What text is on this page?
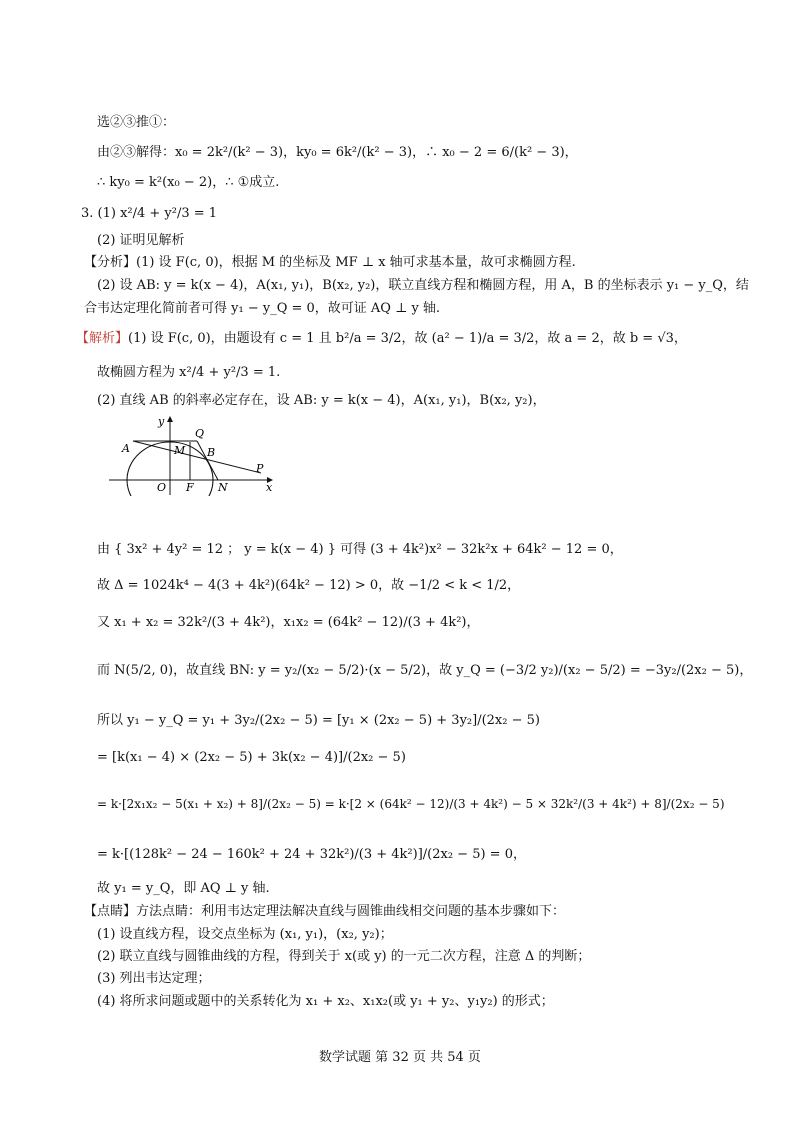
选②③推①：
由②③解得：x₀ = 2k²/(k² − 3)，ky₀ = 6k²/(k² − 3)，∴ x₀ − 2 = 6/(k² − 3)，
∴ ky₀ = k²(x₀ − 2)，∴ ①成立.
3. (1) x²/4 + y²/3 = 1
(2) 证明见解析
【分析】(1) 设 F(c, 0)，根据 M 的坐标及 MF ⊥ x 轴可求基本量，故可求椭圆方程.
(2) 设 AB: y = k(x − 4)，A(x₁, y₁)，B(x₂, y₂)，联立直线方程和椭圆方程，用 A，B 的坐标表示 y₁ − y_Q，结
合韦达定理化简前者可得 y₁ − y_Q = 0，故可证 AQ ⊥ y 轴.
【解析】(1) 设 F(c, 0)，由题设有 c = 1 且 b²/a = 3/2，故 (a² − 1)/a = 3/2，故 a = 2，故 b = √3，
故椭圆方程为 x²/4 + y²/3 = 1.
(2) 直线 AB 的斜率必定存在，设 AB: y = k(x − 4)，A(x₁, y₁)，B(x₂, y₂)，
y
Q
A	M B
P
O F N	x
由 { 3x² + 4y² = 12 ； y = k(x − 4) } 可得 (3 + 4k²)x² − 32k²x + 64k² − 12 = 0，
故 Δ = 1024k⁴ − 4(3 + 4k²)(64k² − 12) > 0，故 −1/2 < k < 1/2，
又 x₁ + x₂ = 32k²/(3 + 4k²)，x₁x₂ = (64k² − 12)/(3 + 4k²)，
而 N(5/2, 0)，故直线 BN: y = y₂/(x₂ − 5/2)·(x − 5/2)，故 y_Q = (−3/2 y₂)/(x₂ − 5/2) = −3y₂/(2x₂ − 5)，
所以 y₁ − y_Q = y₁ + 3y₂/(2x₂ − 5) = [y₁ × (2x₂ − 5) + 3y₂]/(2x₂ − 5)
= [k(x₁ − 4) × (2x₂ − 5) + 3k(x₂ − 4)]/(2x₂ − 5)
= k·[2x₁x₂ − 5(x₁ + x₂) + 8]/(2x₂ − 5) = k·[2 × (64k² − 12)/(3 + 4k²) − 5 × 32k²/(3 + 4k²) + 8]/(2x₂ − 5)
= k·[(128k² − 24 − 160k² + 24 + 32k²)/(3 + 4k²)]/(2x₂ − 5) = 0，
故 y₁ = y_Q，即 AQ ⊥ y 轴.
【点睛】方法点睛：利用韦达定理法解决直线与圆锥曲线相交问题的基本步骤如下：
(1) 设直线方程，设交点坐标为 (x₁, y₁)，(x₂, y₂)；
(2) 联立直线与圆锥曲线的方程，得到关于 x(或 y) 的一元二次方程，注意 Δ 的判断；
(3) 列出韦达定理；
(4) 将所求问题或题中的关系转化为 x₁ + x₂、x₁x₂(或 y₁ + y₂、y₁y₂) 的形式；
数学试题 第 32 页 共 54 页
